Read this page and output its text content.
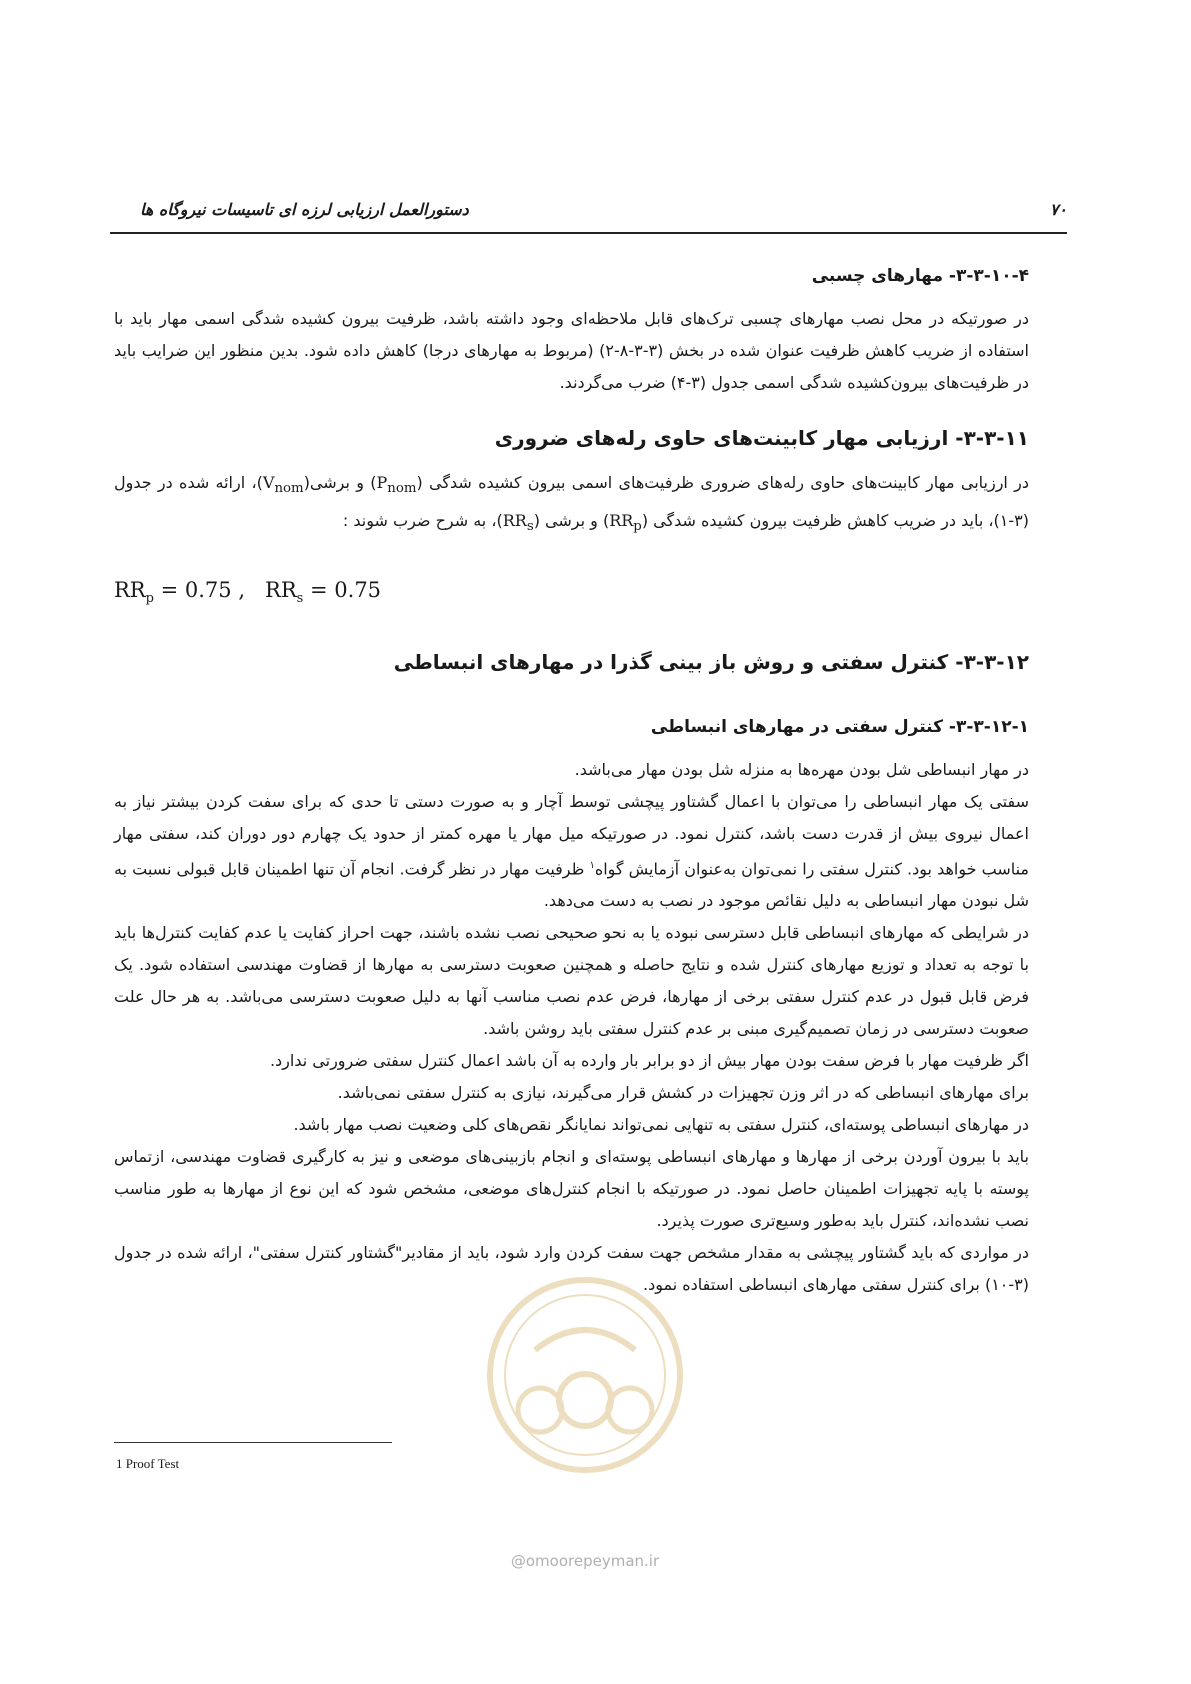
۷۰
دستورالعمل ارزیابی لرزه ای تاسیسات نیروگاه ها
۳-۳-۱۰-۴- مهارهای چسبی

در صورتیکه در محل نصب مهارهای چسبی ترک‌های قابل ملاحظه‌ای وجود داشته باشد، ظرفیت بیرون کشیده شدگی اسمی مهار باید با استفاده از ضریب کاهش ظرفیت عنوان شده در بخش (۳-۳-۸-۲) (مربوط به مهارهای درجا) کاهش داده شود. بدین منظور این ضرایب باید در ظرفیت‌های بیرون‌کشیده شدگی اسمی جدول (۳-۴) ضرب می‌گردند.

۳-۳-۱۱- ارزیابی مهار کابینت‌های حاوی رله‌های ضروری

در ارزیابی مهار کابینت‌های حاوی رله‌های ضروری ظرفیت‌های اسمی بیرون کشیده شدگی $(P_{nom})$ و $برشی(V_{nom})،$ ارائه شده در جدول (۳-۱)، باید در ضریب کاهش ظرفیت بیرون کشیده شدگی $(RR_p)$ و برشی $(RR_s)،$ به شرح ضرب شوند :

$RR_p = 0.75$ , $RR_s = 0.75$
۳-۳-۱۲- کنترل سفتی و روش باز بینی گذرا در مهارهای انبساطی
۳-۳-۱۲-۱- کنترل سفتی در مهارهای انبساطی

در مهار انبساطی شل بودن مهره‌ها به منزله شل بودن مهار می‌باشد.

سفتی یک مهار انبساطی را می‌توان با اعمال گشتاور پیچشی توسط آچار و به صورت دستی تا حدی که برای سفت کردن بیشتر نیاز به اعمال نیروی بیش از قدرت دست باشد، کنترل نمود. در صورتیکه میل مهار یا مهره کمتر از حدود یک چهارم دور دوران کند، سفتی مهار مناسب خواهد بود. کنترل سفتی را نمی‌توان به‌عنوان آزمایش گواه$^۱$ ظرفیت مهار در نظر گرفت. انجام آن تنها اطمینان قابل قبولی نسبت به شل نبودن مهار انبساطی به دلیل نقائص موجود در نصب به دست می‌دهد.

در شرایطی که مهارهای انبساطی قابل دسترسی نبوده یا به نحو صحیحی نصب نشده باشند، جهت احراز کفایت یا عدم کفایت کنترل‌ها باید با توجه به تعداد و توزیع مهارهای کنترل شده و نتایج حاصله و همچنین صعوبت دسترسی به مهارها از قضاوت مهندسی استفاده شود. یک فرض قابل قبول در عدم کنترل سفتی برخی از مهارها، فرض عدم نصب مناسب آنها به دلیل صعوبت دسترسی می‌باشد. به هر حال علت صعوبت دسترسی در زمان تصمیم‌گیری مبنی بر عدم کنترل سفتی باید روشن باشد.

اگر ظرفیت مهار با فرض سفت بودن مهار بیش از دو برابر بار وارده به آن باشد اعمال کنترل سفتی ضرورتی ندارد.

برای مهارهای انبساطی که در اثر وزن تجهیزات در کشش قرار می‌گیرند، نیازی به کنترل سفتی نمی‌باشد.

در مهارهای انبساطی پوسته‌ای، کنترل سفتی به تنهایی نمی‌تواند نمایانگر نقص‌های کلی وضعیت نصب مهار باشد.

باید با بیرون آوردن برخی از مهارها و مهارهای انبساطی پوسته‌ای و انجام بازبینی‌های موضعی و نیز به کارگیری قضاوت مهندسی، ازتماس پوسته با پایه تجهیزات اطمینان حاصل نمود. در صورتیکه با انجام کنترل‌های موضعی، مشخص شود که این نوع از مهارها به طور مناسب نصب نشده‌اند، کنترل باید به‌طور وسیع‌تری صورت پذیرد.

در مواردی که باید گشتاور پیچشی به مقدار مشخص جهت سفت کردن وارد شود، باید از مقادیر"گشتاور کنترل سفتی"، ارائه شده در جدول (۳-۱۰) برای کنترل سفتی مهارهای انبساطی استفاده نمود.

@omoorepeyman.ir
1 Proof Test
